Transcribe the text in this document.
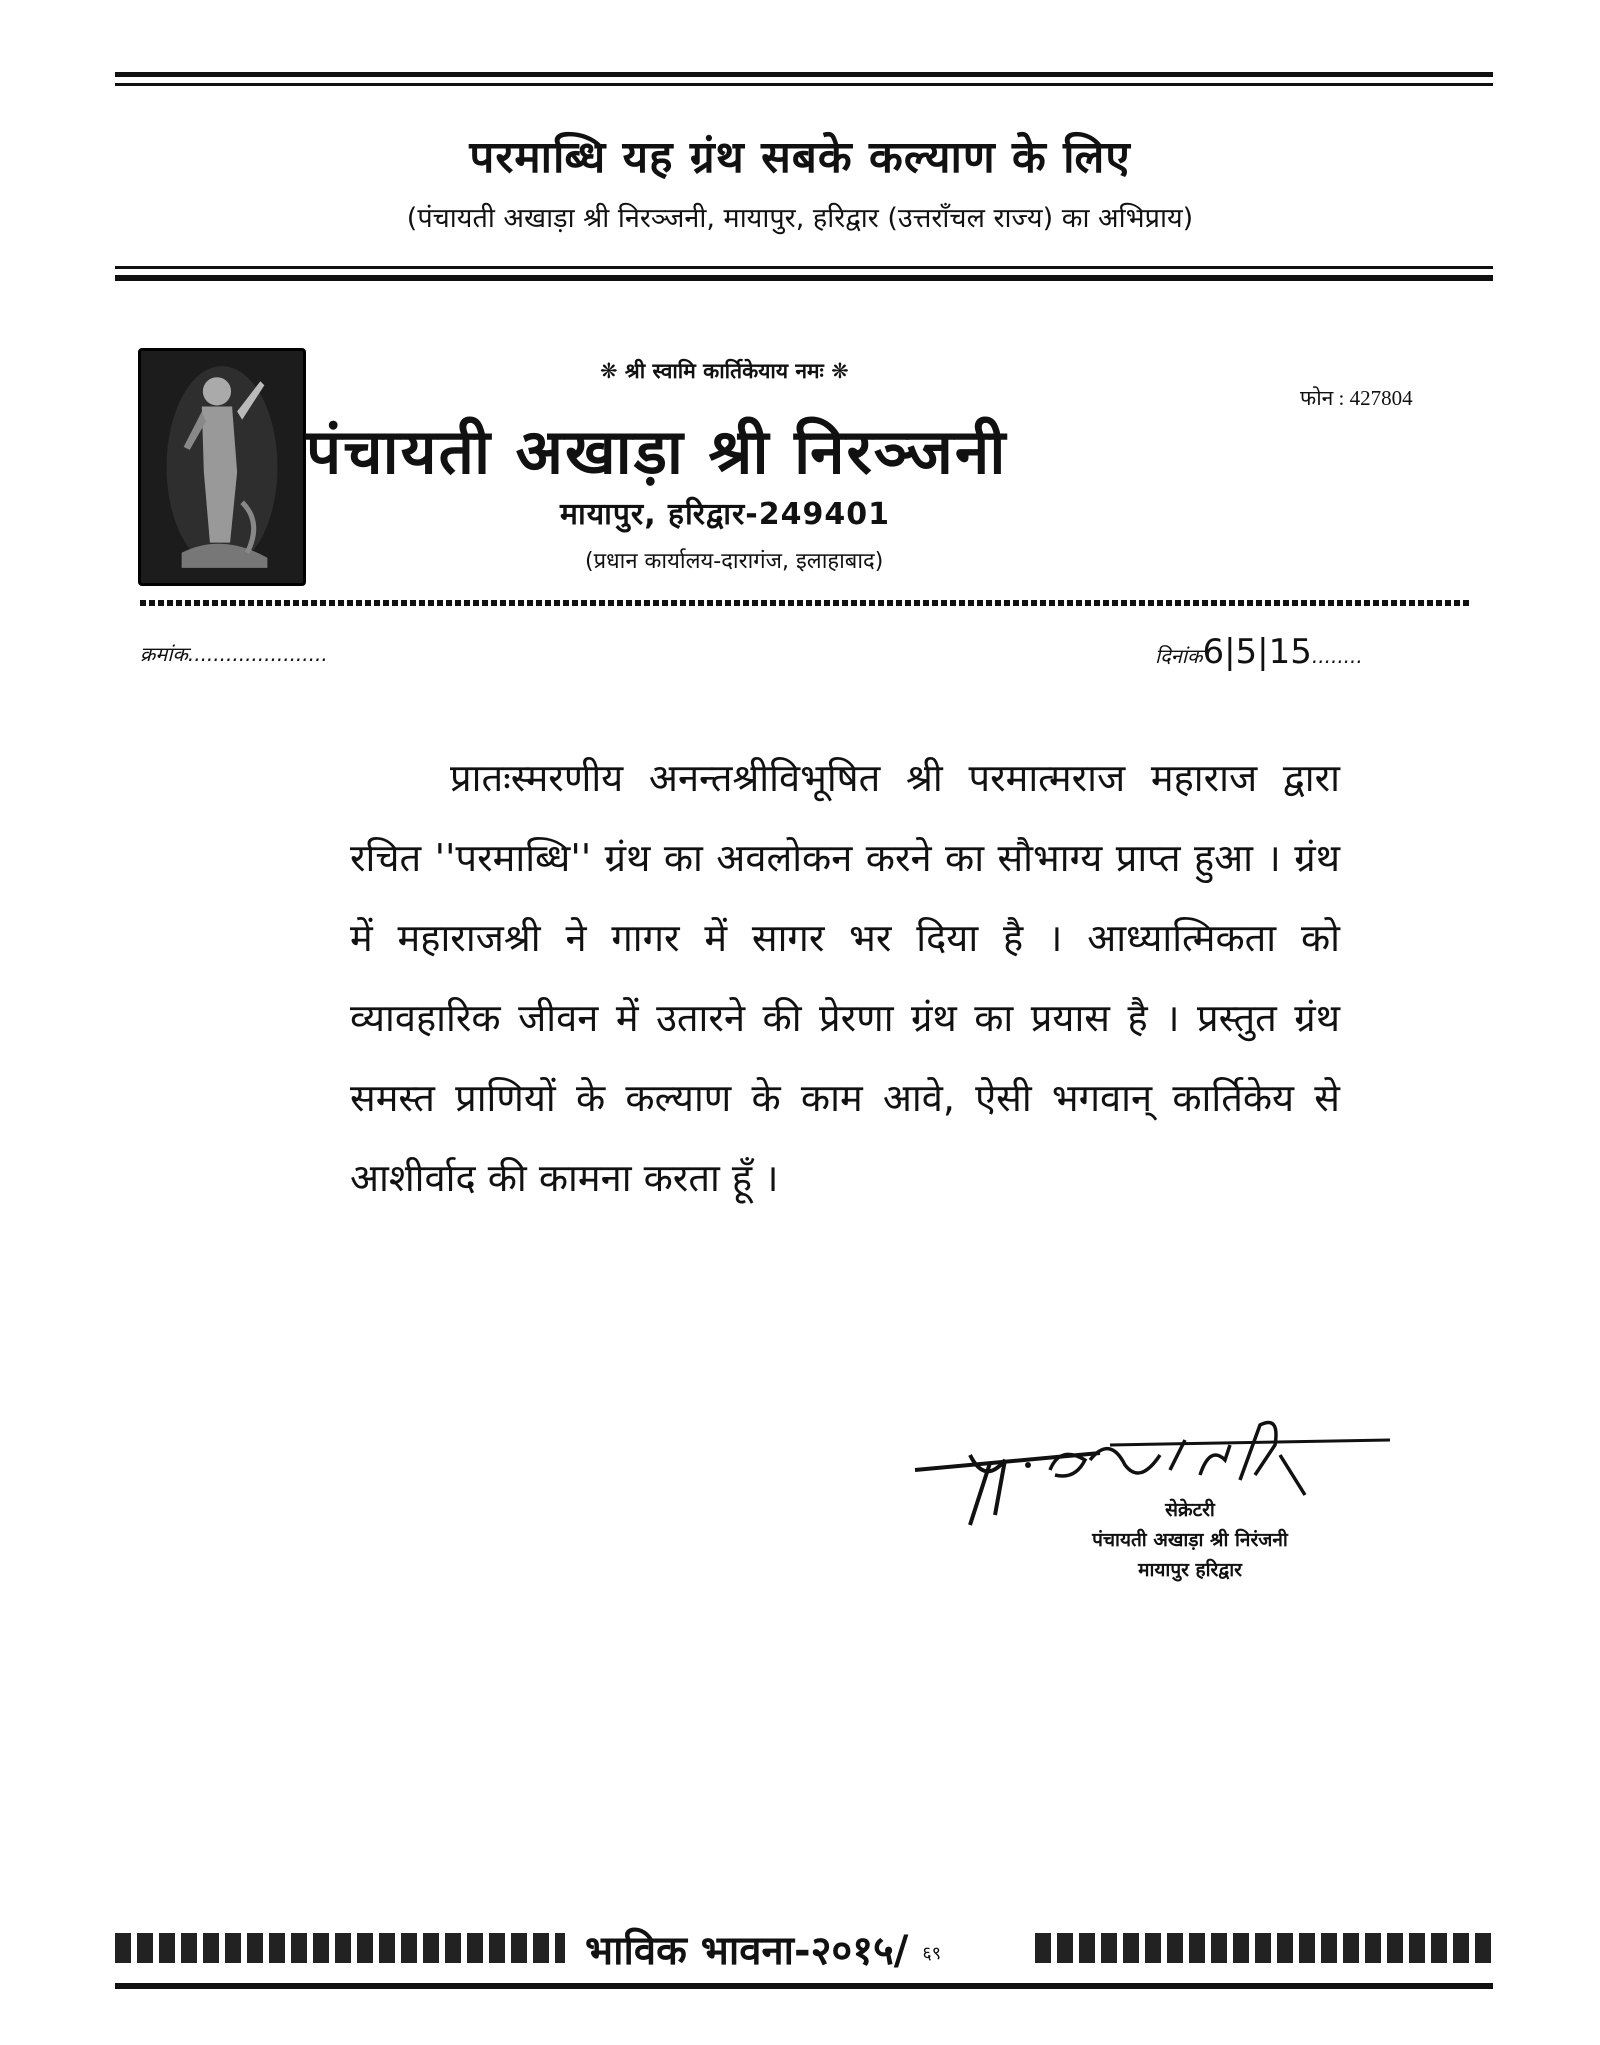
परमाब्धि यह ग्रंथ सबके कल्याण के लिए
(पंचायती अखाड़ा श्री निरञ्जनी, मायापुर, हरिद्वार (उत्तराँचल राज्य) का अभिप्राय)
❋ श्री स्वामि कार्तिकेयाय नमः ❋
फोन : 427804
पंचायती अखाड़ा श्री निरञ्जनी
मायापुर, हरिद्वार-249401
(प्रधान कार्यालय-दारागंज, इलाहाबाद)
क्रमांक......................	दिनांक6|5|15........

प्रातःस्मरणीय अनन्तश्रीविभूषित श्री परमात्मराज महाराज द्वारा रचित ''परमाब्धि'' ग्रंथ का अवलोकन करने का सौभाग्य प्राप्त हुआ । ग्रंथ में महाराजश्री ने गागर में सागर भर दिया है । आध्यात्मिकता को व्यावहारिक जीवन में उतारने की प्रेरणा ग्रंथ का प्रयास है । प्रस्तुत ग्रंथ समस्त प्राणियों के कल्याण के काम आवे, ऐसी भगवान् कार्तिकेय से आशीर्वाद की कामना करता हूँ ।

सेक्रेटरी
पंचायती अखाड़ा श्री निरंजनी
मायापुर हरिद्वार
भाविक भावना-२०१५/ ६९
